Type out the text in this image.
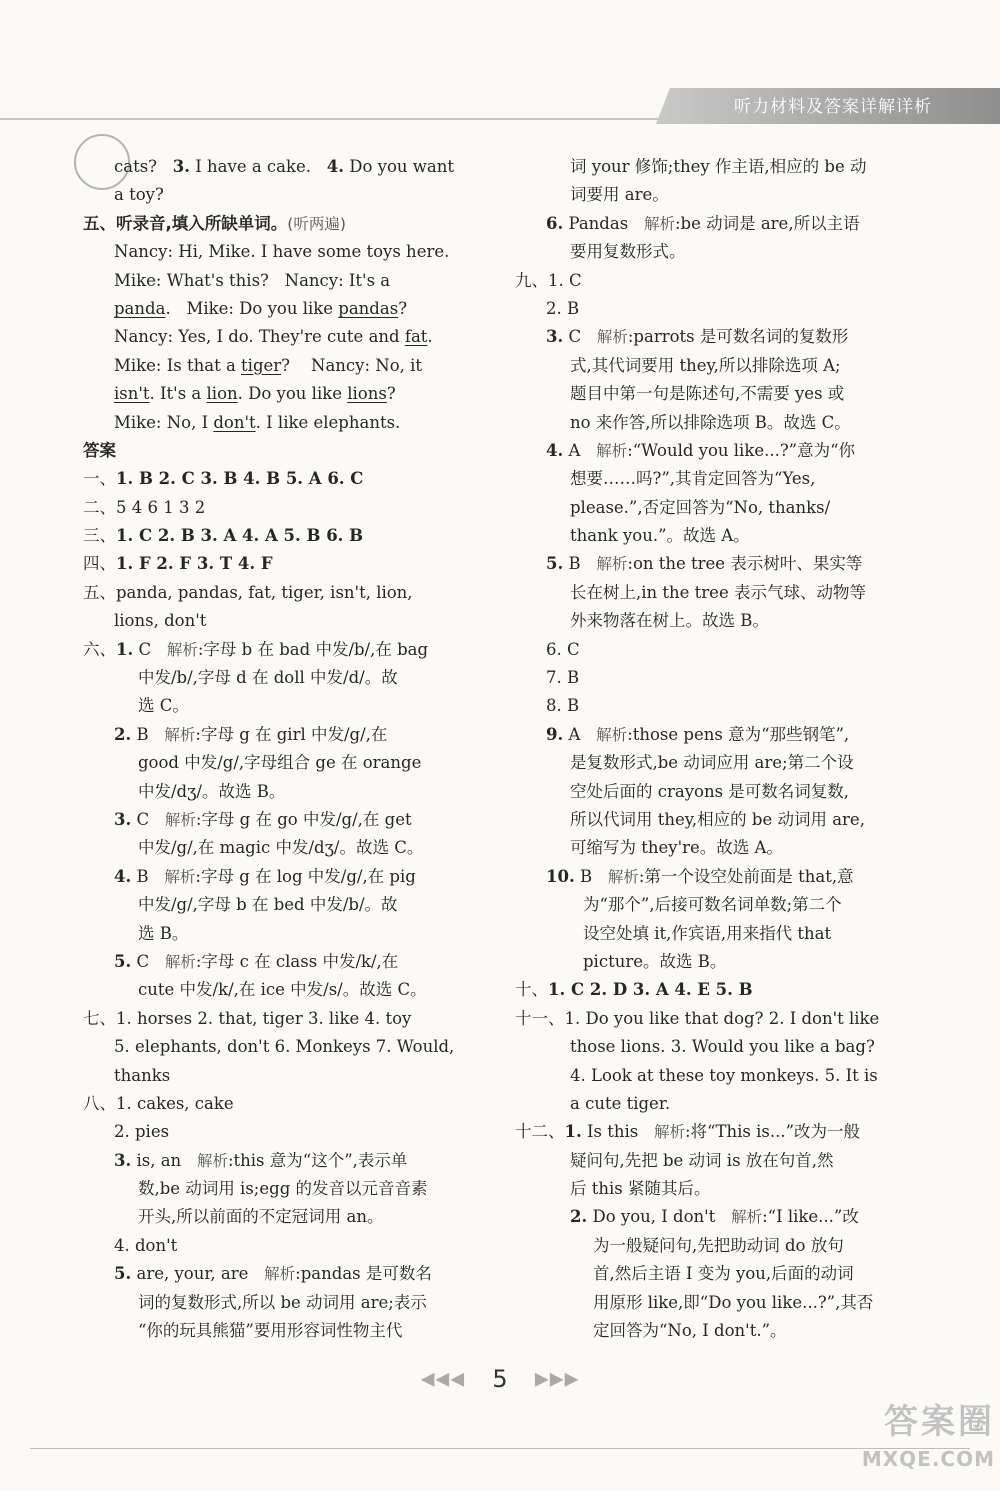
听力材料及答案详解详析
cats? 3. I have a cake. 4. Do you want
a toy?
五、听录音,填入所缺单词。(听两遍)
Nancy: Hi, Mike. I have some toys here.
Mike: What's this? Nancy: It's a
panda. Mike: Do you like pandas?
Nancy: Yes, I do. They're cute and fat.
Mike: Is that a tiger? Nancy: No, it
isn't. It's a lion. Do you like lions?
Mike: No, I don't. I like elephants.
答案
一、1. B 2. C 3. B 4. B 5. A 6. C
二、5 4 6 1 3 2
三、1. C 2. B 3. A 4. A 5. B 6. B
四、1. F 2. F 3. T 4. F
五、panda, pandas, fat, tiger, isn't, lion,
lions, don't
六、1. C 解析:字母 b 在 bad 中发/b/,在 bag
中发/b/,字母 d 在 doll 中发/d/。故
选 C。
2. B 解析:字母 g 在 girl 中发/g/,在
good 中发/g/,字母组合 ge 在 orange
中发/dʒ/。故选 B。
3. C 解析:字母 g 在 go 中发/g/,在 get
中发/g/,在 magic 中发/dʒ/。故选 C。
4. B 解析:字母 g 在 log 中发/g/,在 pig
中发/g/,字母 b 在 bed 中发/b/。故
选 B。
5. C 解析:字母 c 在 class 中发/k/,在
cute 中发/k/,在 ice 中发/s/。故选 C。
七、1. horses 2. that, tiger 3. like 4. toy
5. elephants, don't 6. Monkeys 7. Would,
thanks
八、1. cakes, cake
2. pies
3. is, an 解析:this 意为“这个”,表示单
数,be 动词用 is;egg 的发音以元音音素
开头,所以前面的不定冠词用 an。
4. don't
5. are, your, are 解析:pandas 是可数名
词的复数形式,所以 be 动词用 are;表示
“你的玩具熊猫”要用形容词性物主代
词 your 修饰;they 作主语,相应的 be 动
词要用 are。
6. Pandas 解析:be 动词是 are,所以主语
要用复数形式。
九、1. C
2. B
3. C 解析:parrots 是可数名词的复数形
式,其代词要用 they,所以排除选项 A;
题目中第一句是陈述句,不需要 yes 或
no 来作答,所以排除选项 B。故选 C。
4. A 解析:“Would you like...?”意为“你
想要……吗?”,其肯定回答为“Yes,
please.”,否定回答为“No, thanks/
thank you.”。故选 A。
5. B 解析:on the tree 表示树叶、果实等
长在树上,in the tree 表示气球、动物等
外来物落在树上。故选 B。
6. C
7. B
8. B
9. A 解析:those pens 意为“那些钢笔”,
是复数形式,be 动词应用 are;第二个设
空处后面的 crayons 是可数名词复数,
所以代词用 they,相应的 be 动词用 are,
可缩写为 they're。故选 A。
10. B 解析:第一个设空处前面是 that,意
为“那个”,后接可数名词单数;第二个
设空处填 it,作宾语,用来指代 that
picture。故选 B。
十、1. C 2. D 3. A 4. E 5. B
十一、1. Do you like that dog? 2. I don't like
those lions. 3. Would you like a bag?
4. Look at these toy monkeys. 5. It is
a cute tiger.
十二、1. Is this 解析:将“This is...”改为一般
疑问句,先把 be 动词 is 放在句首,然
后 this 紧随其后。
2. Do you, I don't 解析:“I like...”改
为一般疑问句,先把助动词 do 放句
首,然后主语 I 变为 you,后面的动词
用原形 like,即“Do you like...?”,其否
定回答为“No, I don't.”。
◀◀◀ 5 ▶▶▶
答案圈
MXQE.COM
